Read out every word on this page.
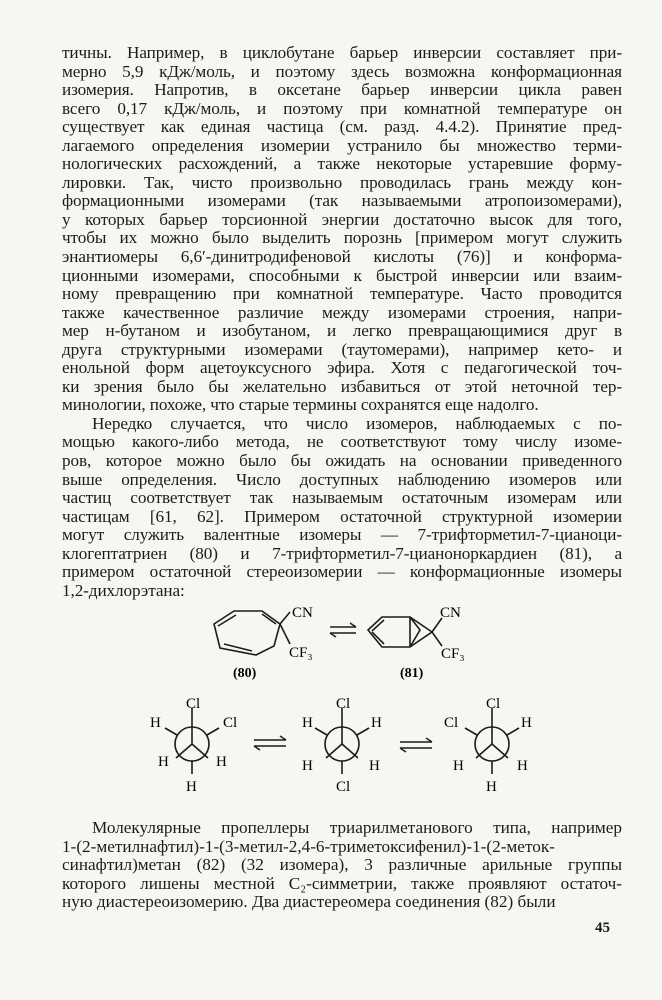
тичны. Например, в циклобутане барьер инверсии составляет при-
мерно 5,9 кДж/моль, и поэтому здесь возможна конформационная
изомерия. Напротив, в оксетане барьер инверсии цикла равен
всего 0,17 кДж/моль, и поэтому при комнатной температуре он
существует как единая частица (см. разд. 4.4.2). Принятие пред-
лагаемого определения изомерии устранило бы множество терми-
нологических расхождений, а также некоторые устаревшие форму-
лировки. Так, чисто произвольно проводилась грань между кон-
формационными изомерами (так называемыми атропоизомерами),
у которых барьер торсионной энергии достаточно высок для того,
чтобы их можно было выделить порознь [примером могут служить
энантиомеры 6,6′-динитродифеновой кислоты (76)] и конформа-
ционными изомерами, способными к быстрой инверсии или взаим-
ному превращению при комнатной температуре. Часто проводится
также качественное различие между изомерами строения, напри-
мер н-бутаном и изобутаном, и легко превращающимися друг в
друга структурными изомерами (таутомерами), например кето- и
енольной форм ацетоуксусного эфира. Хотя с педагогической точ-
ки зрения было бы желательно избавиться от этой неточной тер-
минологии, похоже, что старые термины сохранятся еще надолго.
Нередко случается, что число изомеров, наблюдаемых с по-
мощью какого-либо метода, не соответствуют тому числу изоме-
ров, которое можно было бы ожидать на основании приведенного
выше определения. Число доступных наблюдению изомеров или
частиц соответствует так называемым остаточным изомерам или
частицам [61, 62]. Примером остаточной структурной изомерии
могут служить валентные изомеры — 7-трифторметил-7-цианоци-
клогептатриен (80) и 7-трифторметил-7-цианоноркардиен (81), а
примером остаточной стереоизомерии — конформационные изомеры
1,2-дихлорэтана:
CN
CF₃
(80)
CN
CF₃
(81)
Cl
Cl
H
H	H
H
Cl
H
H
H	H
Cl
Cl
H
Cl
H	H
H
Молекулярные пропеллеры триарилметанового типа, например
1-(2-метилнафтил)-1-(3-метил-2,4-6-триметоксифенил)-1-(2-меток-
синафтил)метан (82) (32 изомера), 3 различные арильные группы
которого лишены местной C₂-симметрии, также проявляют остаточ-
ную диастереоизомерию. Два диастереомера соединения (82) были
45
